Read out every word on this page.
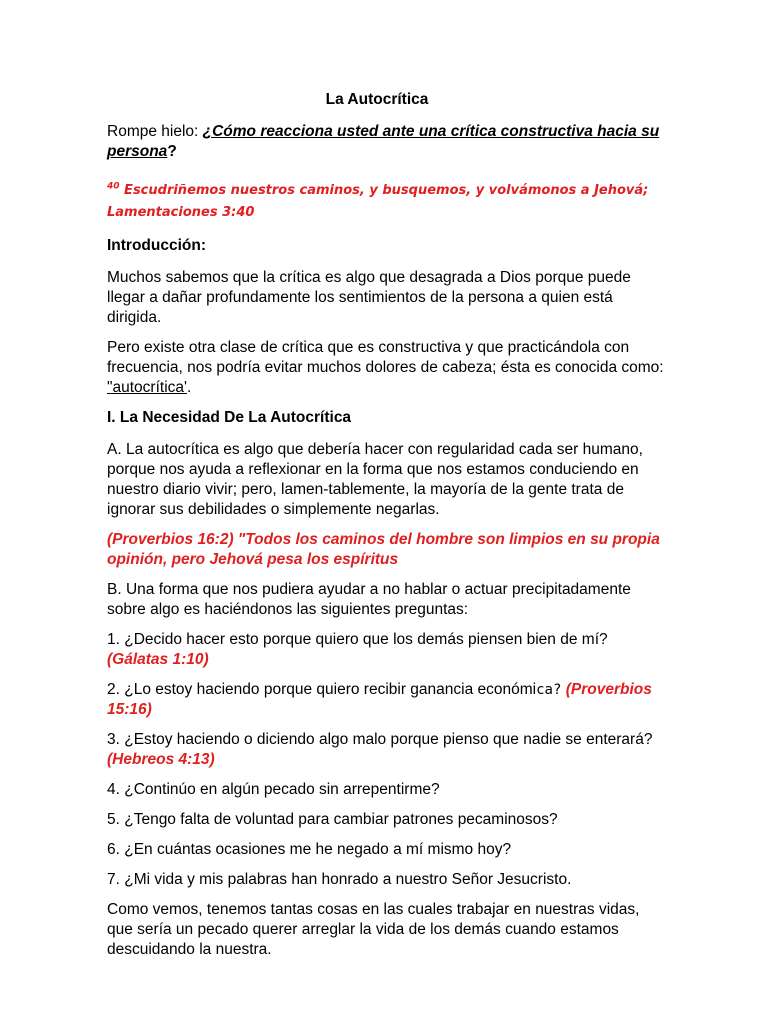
La Autocrítica

Rompe hielo: ¿Cómo reacciona usted ante una crítica constructiva hacia su persona?

$^{40}$ Escudriñemos nuestros caminos, y busquemos, y volvámonos a Jehová;
Lamentaciones 3:40

Introducción:

Muchos sabemos que la crítica es algo que desagrada a Dios porque puede llegar a dañar profundamente los sentimientos de la persona a quien está dirigida.

Pero existe otra clase de crítica que es constructiva y que practicándola con frecuencia, nos podría evitar muchos dolores de cabeza; ésta es conocida como: "autocrítica'.

I. La Necesidad De La Autocrítica

A. La autocrítica es algo que debería hacer con regularidad cada ser humano, porque nos ayuda a reflexionar en la forma que nos estamos conduciendo en nuestro diario vivir; pero, lamen-tablemente, la mayoría de la gente trata de ignorar sus debilidades o simplemente negarlas.

(Proverbios 16:2) "Todos los caminos del hombre son limpios en su propia opinión, pero Jehová pesa los espíritus

B. Una forma que nos pudiera ayudar a no hablar o actuar precipitadamente sobre algo es haciéndonos las siguientes preguntas:

1. ¿Decido hacer esto porque quiero que los demás piensen bien de mí? (Gálatas 1:10)

2. ¿Lo estoy haciendo porque quiero recibir ganancia económica? (Proverbios 15:16)

3. ¿Estoy haciendo o diciendo algo malo porque pienso que nadie se enterará? (Hebreos 4:13)

4. ¿Continúo en algún pecado sin arrepentirme?

5. ¿Tengo falta de voluntad para cambiar patrones pecaminosos?

6. ¿En cuántas ocasiones me he negado a mí mismo hoy?

7. ¿Mi vida y mis palabras han honrado a nuestro Señor Jesucristo.

Como vemos, tenemos tantas cosas en las cuales trabajar en nuestras vidas, que sería un pecado querer arreglar la vida de los demás cuando estamos descuidando la nuestra.
